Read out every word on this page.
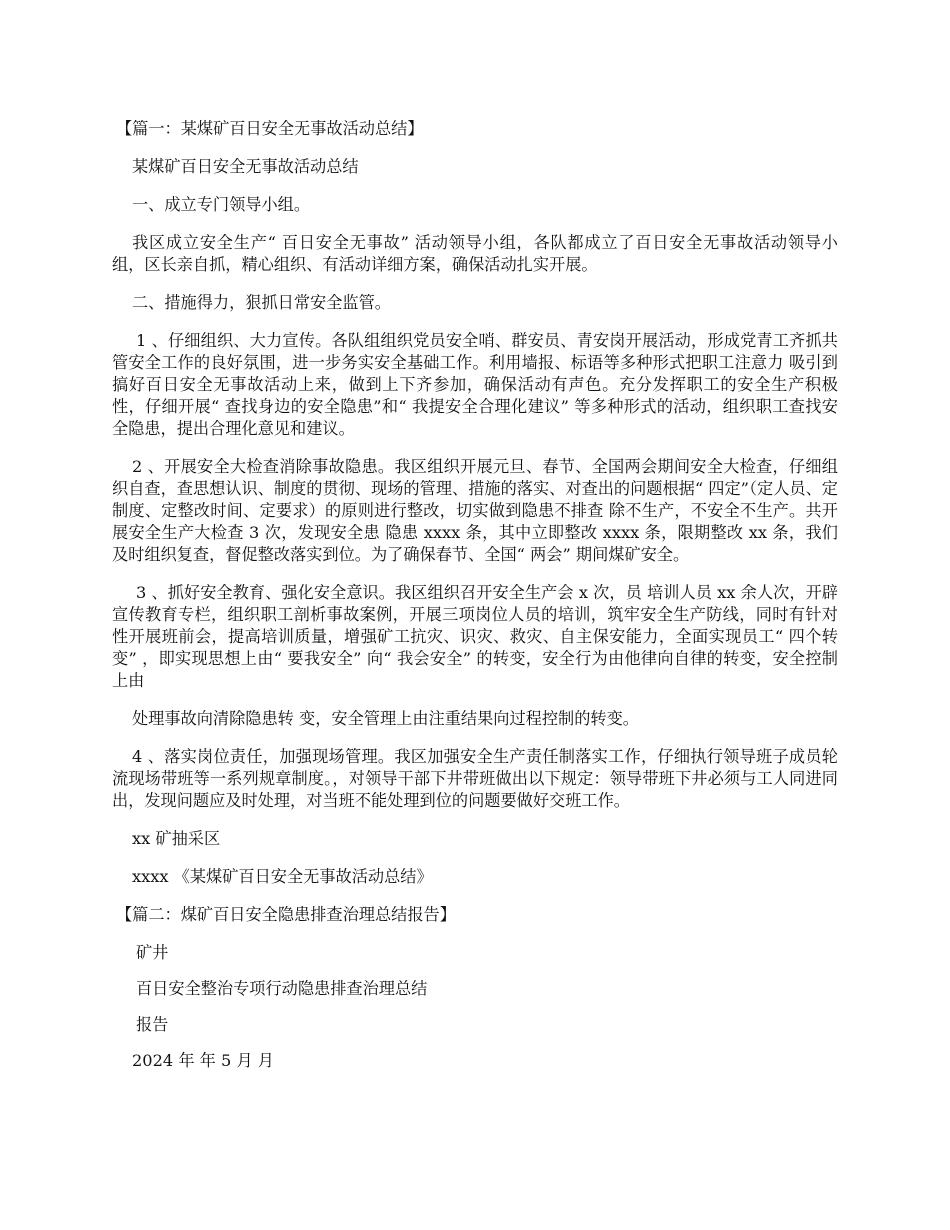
【篇一：某煤矿百日安全无事故活动总结】

某煤矿百日安全无事故活动总结

一、成立专门领导小组。

我区成立安全生产“ 百日安全无事故” 活动领导小组，各队都成立了百日安全无事故活动领导小组，区长亲自抓，精心组织、有活动详细方案，确保活动扎实开展。

二、措施得力，狠抓日常安全监管。

1 、仔细组织、大力宣传。各队组组织党员安全哨、群安员、青安岗开展活动，形成党青工齐抓共管安全工作的良好氛围，进一步务实安全基础工作。利用墙报、标语等多种形式把职工注意力 吸引到搞好百日安全无事故活动上来，做到上下齐参加，确保活动有声色。充分发挥职工的安全生产积极性，仔细开展“ 查找身边的安全隐患”和“ 我提安全合理化建议” 等多种形式的活动，组织职工查找安全隐患，提出合理化意见和建议。

2 、开展安全大检查消除事故隐患。我区组织开展元旦、春节、全国两会期间安全大检查，仔细组织自查，查思想认识、制度的贯彻、现场的管理、措施的落实、对查出的问题根据“ 四定”（定人员、定制度、定整改时间、定要求）的原则进行整改，切实做到隐患不排查 除不生产，不安全不生产。共开展安全生产大检查 3 次，发现安全患 隐患 xxxx 条，其中立即整改 xxxx 条，限期整改 xx 条，我们及时组织复查，督促整改落实到位。为了确保春节、全国“ 两会” 期间煤矿安全。

3 、抓好安全教育、强化安全意识。我区组织召开安全生产会 x 次，员 培训人员 xx 余人次，开辟宣传教育专栏，组织职工剖析事故案例，开展三项岗位人员的培训，筑牢安全生产防线，同时有针对性开展班前会，提高培训质量，增强矿工抗灾、识灾、救灾、自主保安能力，全面实现员工“ 四个转变” ，即实现思想上由“ 要我安全” 向“ 我会安全” 的转变，安全行为由他律向自律的转变，安全控制上由

处理事故向清除隐患转 变，安全管理上由注重结果向过程控制的转变。

4 、落实岗位责任，加强现场管理。我区加强安全生产责任制落实工作，仔细执行领导班子成员轮流现场带班等一系列规章制度。，对领导干部下井带班做出以下规定：领导带班下井必须与工人同进同出，发现问题应及时处理，对当班不能处理到位的问题要做好交班工作。

xx 矿抽采区

xxxx 《某煤矿百日安全无事故活动总结》

【篇二：煤矿百日安全隐患排查治理总结报告】

矿井

百日安全整治专项行动隐患排查治理总结

报告

2024 年 年 5 月 月
